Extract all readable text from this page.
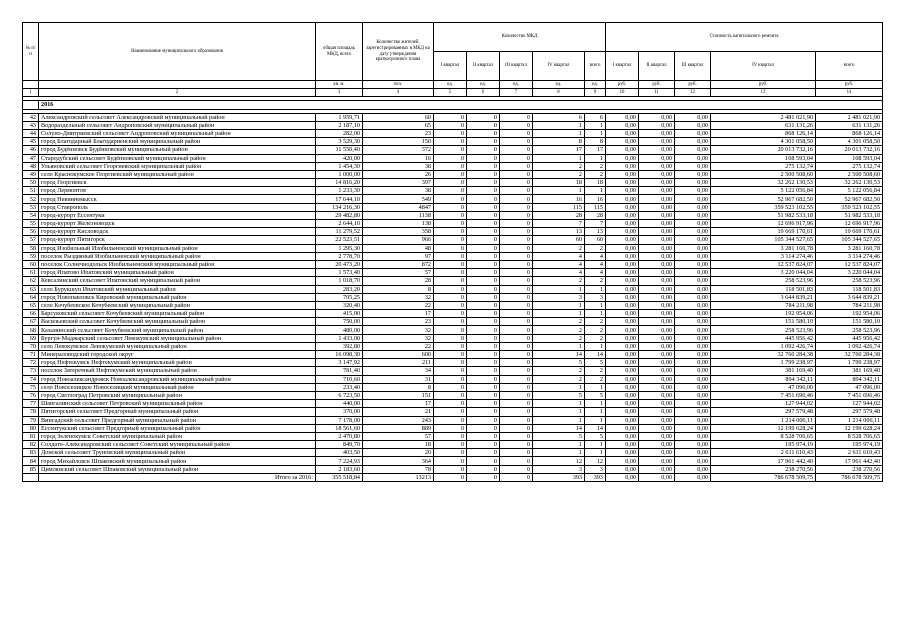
№ п/п	Наименование муниципального образования	общая площадь МКД, всего	Количество жителей, зарегистрированных в МКД на дату утверждения краткосрочного плана	Количество МКД					Стоимость капитального ремонта				
				I квартал	II квартал	III квартал	IV квартал	всего	I квартал	II квартал	III квартал	IV квартал	всего
		кв. м.	чел.	ед.	ед.	ед.	ед.	ед.	руб.	руб.	руб.	руб.	руб.
1	2	3	4	5	6	7	8	9	10	11	12	13	14

	2016												

42	Александровский сельсовет Александровский муниципальный район	1 959,71	60	0	0	0	6	6	0,00	0,00	0,00	2 481 021,90	2 481 021,90
43	Водораздельный сельсовет Андроповский муниципальный район	2 187,10	65	0	0	0	1	1	0,00	0,00	0,00	631 131,26	631 131,26
44	Солуно-Дмитриевский сельсовет Андроповский муниципальный район	282,00	23	0	0	0	1	1	0,00	0,00	0,00	868 126,14	868 126,14
45	город Благодарный Благодарненский муниципальный район	3 529,30	150	0	0	0	8	8	0,00	0,00	0,00	4 301 058,50	4 301 058,50
46	город Будённовск Будённовский муниципальный район	11 550,40	372	0	0	0	17	17	0,00	0,00	0,00	20 013 732,16	20 013 732,16
47	Стародубский сельсовет Будённовский муниципальный район	420,00	16	0	0	0	1	1	0,00	0,00	0,00	108 593,04	108 593,04
48	Ульяновский сельсовет Георгиевский муниципальный район	1 454,30	38	0	0	0	2	2	0,00	0,00	0,00	275 132,74	275 132,74
49	село Краснокумское Георгиевский муниципальный район	1 000,00	26	0	0	0	2	2	0,00	0,00	0,00	2 500 508,60	2 500 508,60
50	город Георгиевск	14 816,20	397	0	0	0	18	18	0,00	0,00	0,00	32 262 130,53	32 262 130,53
51	город Лермонтов	1 233,30	38	0	0	0	1	1	0,00	0,00	0,00	5 122 056,84	5 122 056,84
52	город Невинномысск	17 644,10	549	0	0	0	16	16	0,00	0,00	0,00	52 967 682,50	52 967 682,50
53	город Ставрополь	134 216,30	4847	0	0	0	115	115	0,00	0,00	0,00	359 523 102,55	359 523 102,55
54	город-курорт Ессентуки	29 482,80	1138	0	0	0	28	28	0,00	0,00	0,00	51 982 533,18	51 982 533,18
55	город-курорт Железноводск	2 644,10	138	0	0	0	7	7	0,00	0,00	0,00	12 696 917,96	12 696 917,96
56	город-курорт Кисловодск	11 279,52	358	0	0	0	13	13	0,00	0,00	0,00	19 669 170,61	19 669 170,61
57	город-курорт Пятигорск	22 523,51	966	0	0	0	60	60	0,00	0,00	0,00	105 344 527,65	105 344 527,65
58	город Изобильный Изобильненский муниципальный район	1 295,30	48	0	0	0	2	2	0,00	0,00	0,00	3 281 160,78	3 281 160,78
59	поселок Рыздвяный Изобильненский муниципальный район	2 778,70	97	0	0	0	4	4	0,00	0,00	0,00	3 114 274,46	3 114 274,46
60	поселок Солнечнодольск Изобильненский муниципальный район	20 473,20	872	0	0	0	4	4	0,00	0,00	0,00	12 537 824,07	12 537 824,07
61	город Ипатово Ипатовский муниципальный район	1 573,40	57	0	0	0	4	4	0,00	0,00	0,00	3 220 044,04	3 220 044,04
62	Кевсалинский сельсовет Ипатовский муниципальный район	1 018,70	28	0	0	0	2	2	0,00	0,00	0,00	258 523,96	258 523,96
63	село Бурукшун Ипатовский муниципальный район	283,20	8	0	0	0	1	1	0,00	0,00	0,00	118 501,83	118 501,83
64	город Новопавловск Кировский муниципальный район	705,25	32	0	0	0	3	3	0,00	0,00	0,00	3 644 839,21	3 644 839,21
65	село Кочубеевское Кочубеевский муниципальный район	320,40	22	0	0	0	1	1	0,00	0,00	0,00	784 211,98	784 211,98
66	Барсуковский сельсовет Кочубеевский муниципальный район	415,00	17	0	0	0	1	1	0,00	0,00	0,00	192 954,06	192 954,06
67	Васильевский сельсовет Кочубеевский муниципальный район	750,00	23	0	0	0	2	2	0,00	0,00	0,00	151 580,10	151 580,10
68	Казьминский сельсовет Кочубеевский муниципальный район	480,00	32	0	0	0	2	2	0,00	0,00	0,00	258 523,96	258 523,96
69	Бургун-Маджарский сельсовет Левокумский муниципальный район	1 433,00	32	0	0	0	2	2	0,00	0,00	0,00	445 956,42	445 956,42
70	село Левокумское Левокумский муниципальный район	392,80	22	0	0	0	1	1	0,00	0,00	0,00	1 092 426,74	1 092 426,74
71	Минераловодский городской округ	16 098,30	600	0	0	0	14	14	0,00	0,00	0,00	32 760 284,38	32 760 284,38
72	город Нефтекумск Нефтекумский муниципальный район	3 147,92	211	0	0	0	5	5	0,00	0,00	0,00	1 799 238,97	1 799 238,97
73	поселок Затеречный Нефтекумский муниципальный район	781,40	34	0	0	0	2	2	0,00	0,00	0,00	381 169,40	381 169,40
74	город Новоалександровск Новоалександровский муниципальный район	710,60	31	0	0	0	2	2	0,00	0,00	0,00	894 342,11	894 342,11
75	село Новоселицкое Новоселицкий муниципальный район	233,40	8	0	0	0	1	1	0,00	0,00	0,00	47 096,00	47 096,00
76	город Светлоград Петровский муниципальный район	6 723,50	151	0	0	0	5	5	0,00	0,00	0,00	7 451 696,46	7 451 696,46
77	Шангалинский сельсовет Петровский муниципальный район	440,00	17	0	0	0	1	1	0,00	0,00	0,00	127 944,02	127 944,02
78	Пятигорский сельсовет Предгорный муниципальный район	370,00	21	0	0	0	1	1	0,00	0,00	0,00	297 579,48	297 579,48
79	Винсадский сельсовет Предгорный муниципальный район	7 178,00	243	0	0	0	1	1	0,00	0,00	0,00	1 214 006,11	1 214 006,11
80	Ессентукский сельсовет Предгорный муниципальный район	18 561,60	889	0	0	0	14	14	0,00	0,00	0,00	12 199 628,24	12 199 628,24
81	город Зеленокумск Советский муниципальный район	2 470,80	57	0	0	0	5	5	0,00	0,00	0,00	8 528 706,65	8 528 706,65
82	Солдато-Александровский сельсовет Советский муниципальный район	849,70	18	0	0	0	1	1	0,00	0,00	0,00	195 974,19	195 974,19
83	Донской сельсовет Труновский муниципальный район	403,50	20	0	0	0	1	1	0,00	0,00	0,00	2 611 610,43	2 611 610,43
84	город Михайловск Шпаковский муниципальный район	7 224,93	364	0	0	0	12	12	0,00	0,00	0,00	17 961 442,40	17 961 442,40
85	Цимлянский сельсовет Шпаковский муниципальный район	2 183,60	78	0	0	0	3	3	0,00	0,00	0,00	238 270,56	238 270,56
	Итого за 2016:	355 518,84	13213	0	0	0	393	393	0,00	0,00	0,00	786 678 509,75	786 678 509,75
